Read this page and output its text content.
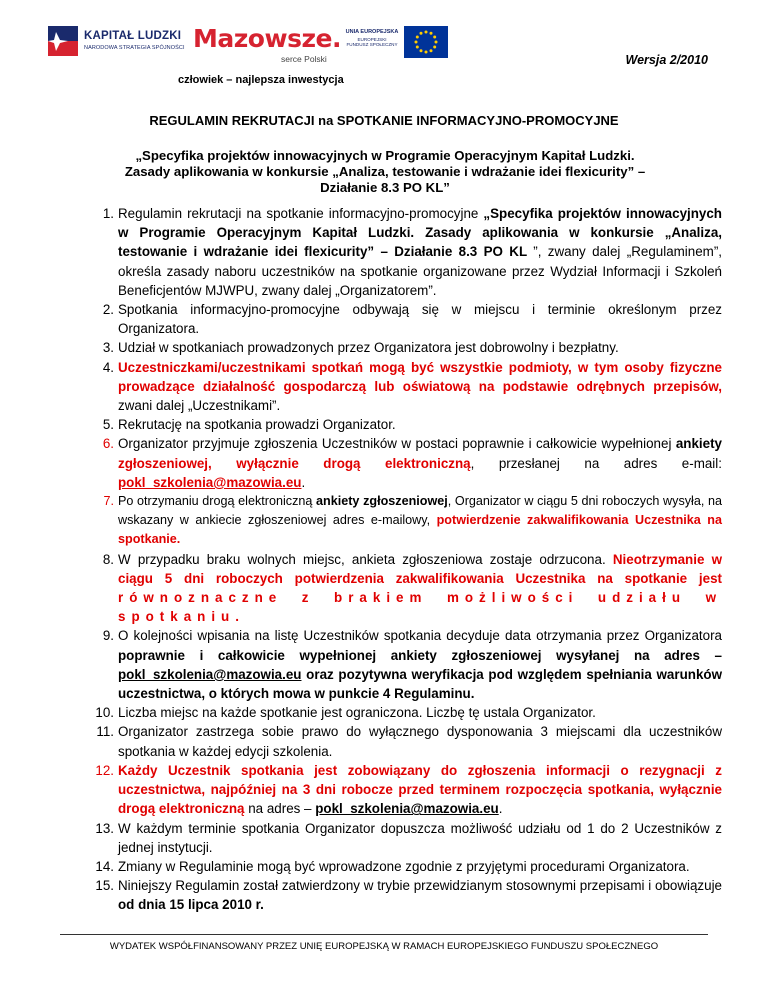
KAPITAŁ LUDZKI
NARODOWA STRATEGIA SPÓJNOŚCI Mazowsze.
serce Polski
UNIA EUROPEJSKA
EUROPEJSKI
FUNDUSZ SPOŁECZNY
Wersja 2/2010
człowiek – najlepsza inwestycja
REGULAMIN REKRUTACJI na SPOTKANIE INFORMACYJNO-PROMOCYJNE
„Specyfika projektów innowacyjnych w Programie Operacyjnym Kapitał Ludzki. Zasady aplikowania w konkursie „Analiza, testowanie i wdrażanie idei flexicurity” – Działanie 8.3 PO KL”
1. Regulamin rekrutacji na spotkanie informacyjno-promocyjne „Specyfika projektów innowacyjnych w Programie Operacyjnym Kapitał Ludzki. Zasady aplikowania w konkursie „Analiza, testowanie i wdrażanie idei flexicurity” – Działanie 8.3 PO KL ”, zwany dalej „Regulaminem”, określa zasady naboru uczestników na spotkanie organizowane przez Wydział Informacji i Szkoleń Beneficjentów MJWPU, zwany dalej „Organizatorem”.
2. Spotkania informacyjno-promocyjne odbywają się w miejscu i terminie określonym przez Organizatora.
3. Udział w spotkaniach prowadzonych przez Organizatora jest dobrowolny i bezpłatny.
4. Uczestniczkami/uczestnikami spotkań mogą być wszystkie podmioty, w tym osoby fizyczne prowadzące działalność gospodarczą lub oświatową na podstawie odrębnych przepisów, zwani dalej „Uczestnikami”.
5. Rekrutację na spotkania prowadzi Organizator.
6. Organizator przyjmuje zgłoszenia Uczestników w postaci poprawnie i całkowicie wypełnionej ankiety zgłoszeniowej, wyłącznie drogą elektroniczną, przesłanej na adres e-mail: pokl_szkolenia@mazowia.eu.
7. Po otrzymaniu drogą elektroniczną ankiety zgłoszeniowej, Organizator w ciągu 5 dni roboczych wysyła, na wskazany w ankiecie zgłoszeniowej adres e-mailowy, potwierdzenie zakwalifikowania Uczestnika na spotkanie.
8. W przypadku braku wolnych miejsc, ankieta zgłoszeniowa zostaje odrzucona. Nieotrzymanie w ciągu 5 dni roboczych potwierdzenia zakwalifikowania Uczestnika na spotkanie jest równoznaczne z brakiem możliwości udziału w spotkaniu.
9. O kolejności wpisania na listę Uczestników spotkania decyduje data otrzymania przez Organizatora poprawnie i całkowicie wypełnionej ankiety zgłoszeniowej wysyłanej na adres – pokl_szkolenia@mazowia.eu oraz pozytywna weryfikacja pod względem spełniania warunków uczestnictwa, o których mowa w punkcie 4 Regulaminu.
10. Liczba miejsc na każde spotkanie jest ograniczona. Liczbę tę ustala Organizator.
11. Organizator zastrzega sobie prawo do wyłącznego dysponowania 3 miejscami dla uczestników spotkania w każdej edycji szkolenia.
12. Każdy Uczestnik spotkania jest zobowiązany do zgłoszenia informacji o rezygnacji z uczestnictwa, najpóźniej na 3 dni robocze przed terminem rozpoczęcia spotkania, wyłącznie drogą elektroniczną na adres – pokl_szkolenia@mazowia.eu.
13. W każdym terminie spotkania Organizator dopuszcza możliwość udziału od 1 do 2 Uczestników z jednej instytucji.
14. Zmiany w Regulaminie mogą być wprowadzone zgodnie z przyjętymi procedurami Organizatora.
15. Niniejszy Regulamin został zatwierdzony w trybie przewidzianym stosownymi przepisami i obowiązuje od dnia 15 lipca 2010 r.
WYDATEK WSPÓŁFINANSOWANY PRZEZ UNIĘ EUROPEJSKĄ W RAMACH EUROPEJSKIEGO FUNDUSZU SPOŁECZNEGO
